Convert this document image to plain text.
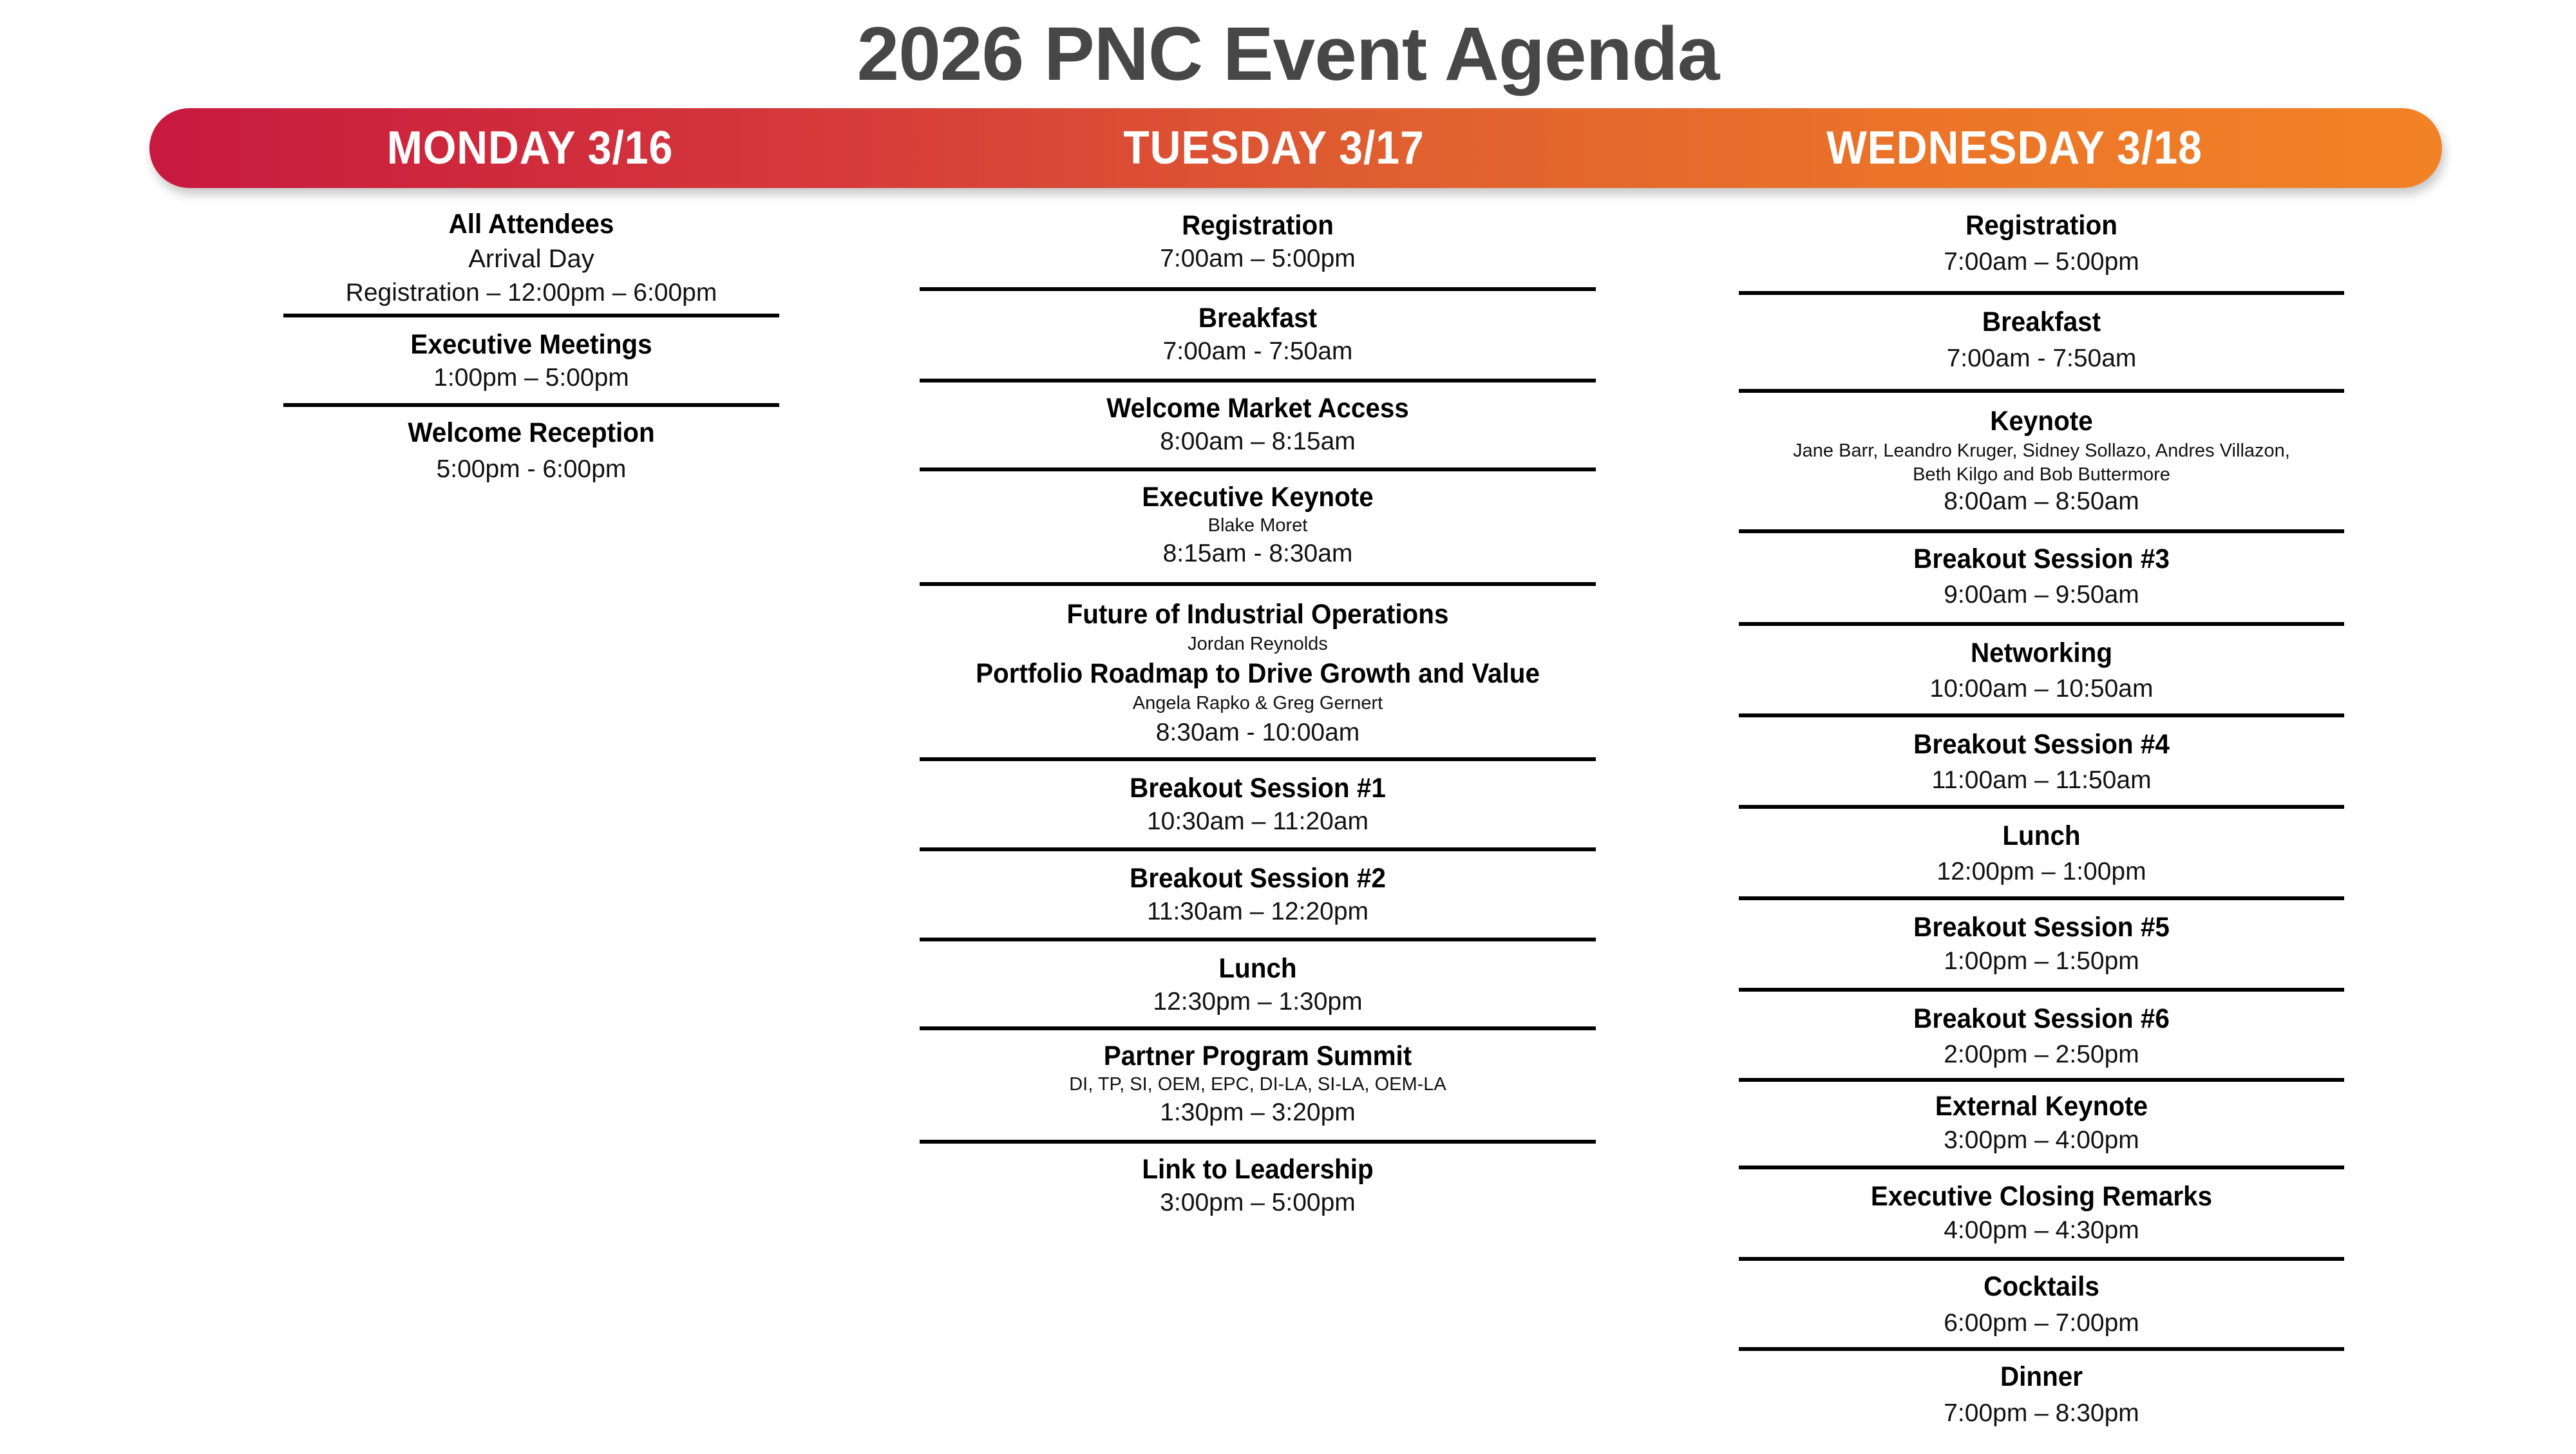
2026 PNC Event Agenda
MONDAY 3/16	TUESDAY 3/17	WEDNESDAY 3/18
All Attendees
Arrival Day
Registration – 12:00pm – 6:00pm
Executive Meetings
1:00pm – 5:00pm
Welcome Reception
5:00pm - 6:00pm
Registration
7:00am – 5:00pm
Breakfast
7:00am - 7:50am
Welcome Market Access
8:00am – 8:15am
Executive Keynote
Blake Moret
8:15am - 8:30am
Future of Industrial Operations
Jordan Reynolds
Portfolio Roadmap to Drive Growth and Value
Angela Rapko & Greg Gernert
8:30am - 10:00am
Breakout Session #1
10:30am – 11:20am
Breakout Session #2
11:30am – 12:20pm
Lunch
12:30pm – 1:30pm
Partner Program Summit
DI, TP, SI, OEM, EPC, DI-LA, SI-LA, OEM-LA
1:30pm – 3:20pm
Link to Leadership
3:00pm – 5:00pm
Registration
7:00am – 5:00pm
Breakfast
7:00am - 7:50am
Keynote
Jane Barr, Leandro Kruger, Sidney Sollazo, Andres Villazon,
Beth Kilgo and Bob Buttermore
8:00am – 8:50am
Breakout Session #3
9:00am – 9:50am
Networking
10:00am – 10:50am
Breakout Session #4
11:00am – 11:50am
Lunch
12:00pm – 1:00pm
Breakout Session #5
1:00pm – 1:50pm
Breakout Session #6
2:00pm – 2:50pm
External Keynote
3:00pm – 4:00pm
Executive Closing Remarks
4:00pm – 4:30pm
Cocktails
6:00pm – 7:00pm
Dinner
7:00pm – 8:30pm
